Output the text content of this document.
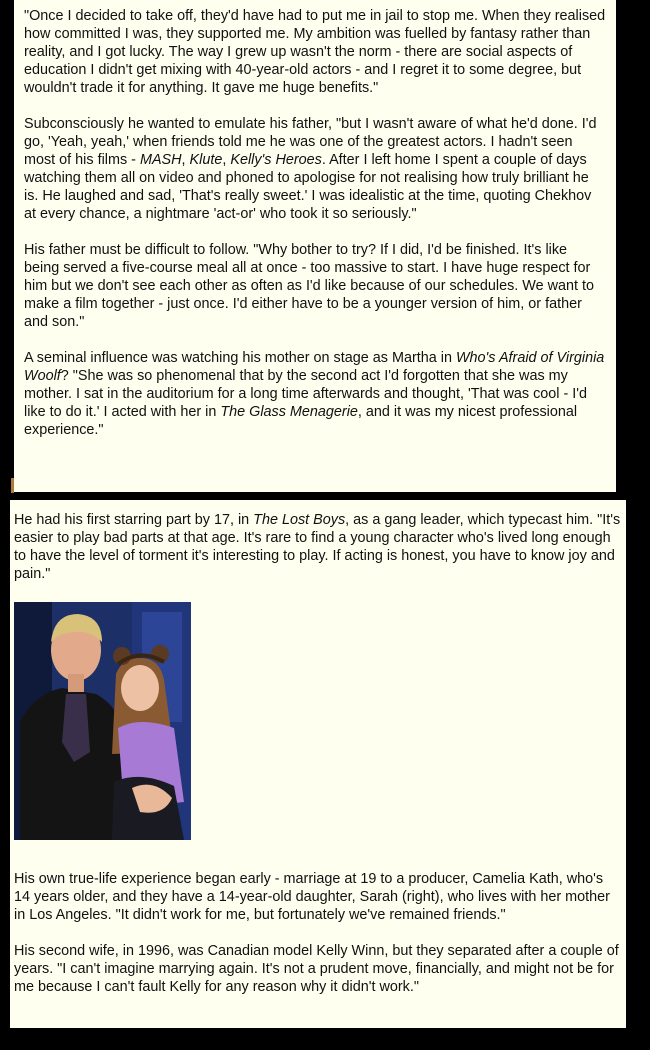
"Once I decided to take off, they'd have had to put me in jail to stop me. When they realised how committed I was, they supported me. My ambition was fuelled by fantasy rather than reality, and I got lucky. The way I grew up wasn't the norm - there are social aspects of education I didn't get mixing with 40-year-old actors - and I regret it to some degree, but wouldn't trade it for anything. It gave me huge benefits."

Subconsciously he wanted to emulate his father, "but I wasn't aware of what he'd done. I'd go, 'Yeah, yeah,' when friends told me he was one of the greatest actors. I hadn't seen most of his films - MASH, Klute, Kelly's Heroes. After I left home I spent a couple of days watching them all on video and phoned to apologise for not realising how truly brilliant he is. He laughed and sad, 'That's really sweet.' I was idealistic at the time, quoting Chekhov at every chance, a nightmare 'act-or' who took it so seriously."

His father must be difficult to follow. "Why bother to try? If I did, I'd be finished. It's like being served a five-course meal all at once - too massive to start. I have huge respect for him but we don't see each other as often as I'd like because of our schedules. We want to make a film together - just once. I'd either have to be a younger version of him, or father and son."

A seminal influence was watching his mother on stage as Martha in Who's Afraid of Virginia Woolf? "She was so phenomenal that by the second act I'd forgotten that she was my mother. I sat in the auditorium for a long time afterwards and thought, 'That was cool - I'd like to do it.' I acted with her in The Glass Menagerie, and it was my nicest professional experience."

He had his first starring part by 17, in The Lost Boys, as a gang leader, which typecast him. "It's easier to play bad parts at that age. It's rare to find a young character who's lived long enough to have the level of torment it's interesting to play. If acting is honest, you have to know joy and pain."

His own true-life experience began early - marriage at 19 to a producer, Camelia Kath, who's 14 years older, and they have a 14-year-old daughter, Sarah (right), who lives with her mother in Los Angeles. "It didn't work for me, but fortunately we've remained friends."

His second wife, in 1996, was Canadian model Kelly Winn, but they separated after a couple of years. "I can't imagine marrying again. It's not a prudent move, financially, and might not be for me because I can't fault Kelly for any reason why it didn't work."
